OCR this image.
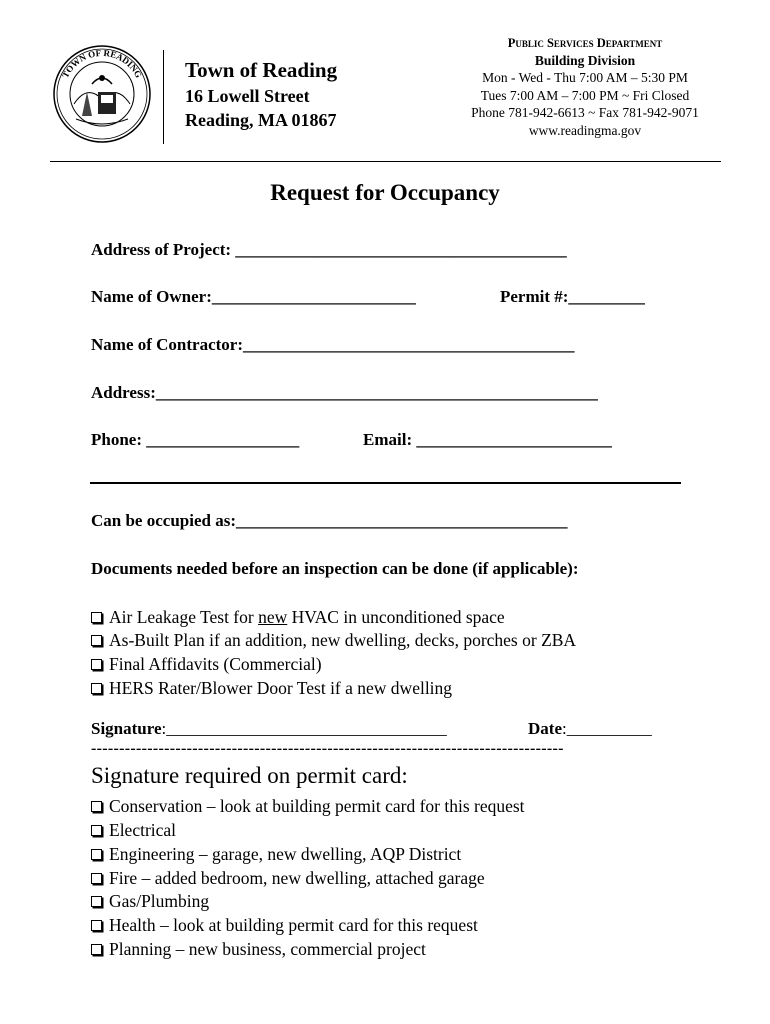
TOWN OF READING Town of Reading
16 Lowell Street
Reading, MA 01867
Public Services Department
Building Division
Mon - Wed - Thu 7:00 AM – 5:30 PM
Tues 7:00 AM – 7:00 PM ~ Fri Closed
Phone 781-942-6613 ~ Fax 781-942-9071
www.readingma.gov
Request for Occupancy
Address of Project: _______________________________________
Name of Owner:________________________	Permit #:_________
Name of Contractor:_______________________________________
Address:____________________________________________________
Phone: __________________	Email: _______________________
Can be occupied as:_______________________________________
Documents needed before an inspection can be done (if applicable):
Air Leakage Test for new HVAC in unconditioned space
As-Built Plan if an addition, new dwelling, decks, porches or ZBA
Final Affidavits (Commercial)
HERS Rater/Blower Door Test if a new dwelling
Signature:_________________________________	Date:__________
------------------------------------------------------------------------------------
Signature required on permit card:
Conservation – look at building permit card for this request
Electrical
Engineering – garage, new dwelling, AQP District
Fire – added bedroom, new dwelling, attached garage
Gas/Plumbing
Health – look at building permit card for this request
Planning – new business, commercial project
